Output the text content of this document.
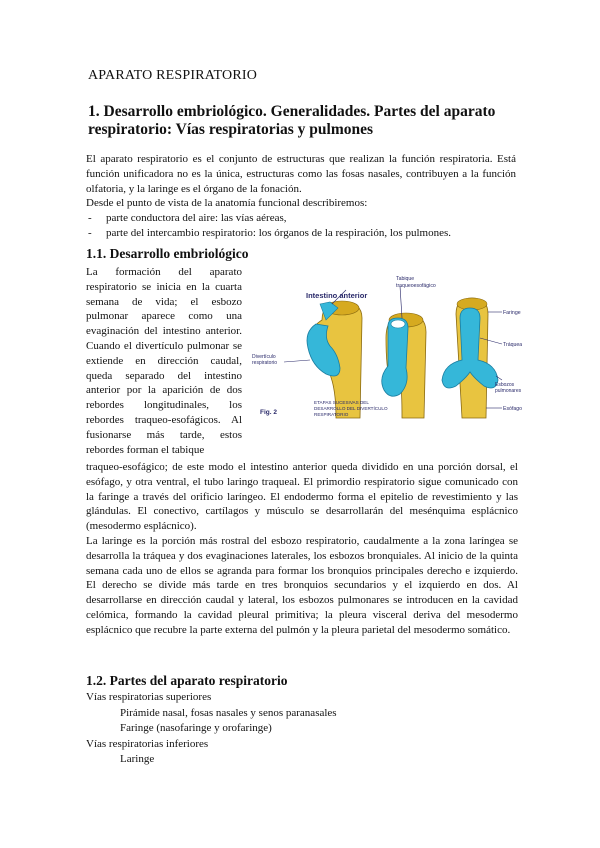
APARATO RESPIRATORIO
1. Desarrollo embriológico. Generalidades. Partes del aparato respiratorio: Vías respiratorias y pulmones
El aparato respiratorio es el conjunto de estructuras que realizan la función respiratoria. Está función unificadora no es la única, estructuras como las fosas nasales, contribuyen a la función olfatoria, y la laringe es el órgano de la fonación.
Desde el punto de vista de la anatomía funcional describiremos:
- parte conductora del aire: las vías aéreas,
- parte del intercambio respiratorio: los órganos de la respiración, los pulmones.
1.1. Desarrollo embriológico
La formación del aparato respiratorio se inicia en la cuarta semana de vida; el esbozo pulmonar aparece como una evaginación del intestino anterior. Cuando el divertículo pulmonar se extiende en dirección caudal, queda separado del intestino anterior por la aparición de dos rebordes longitudinales, los rebordes traqueo-esofágicos. Al fusionarse más tarde, estos rebordes forman el tabique
Intestino anterior
Tabique traqueoesofágico
Faringe
Tráquea
Esbozos pulmonares
Esófago
Divertículo respiratorio
ETAPAS SUCESIVAS DEL DESARROLLO DEL DIVERTÍCULO RESPIRATORIO
Fig. 2
traqueo-esofágico; de este modo el intestino anterior queda dividido en una porción dorsal, el esófago, y otra ventral, el tubo laringo traqueal. El primordio respiratorio sigue comunicado con la faringe a través del orificio laríngeo. El endodermo forma el epitelio de revestimiento y las glándulas. El conectivo, cartílagos y músculo se desarrollarán del mesénquima esplácnico (mesodermo esplácnico).
La laringe es la porción más rostral del esbozo respiratorio, caudalmente a la zona laríngea se desarrolla la tráquea y dos evaginaciones laterales, los esbozos bronquiales. Al inicio de la quinta semana cada uno de ellos se agranda para formar los bronquios principales derecho e izquierdo. El derecho se divide más tarde en tres bronquios secundarios y el izquierdo en dos. Al desarrollarse en dirección caudal y lateral, los esbozos pulmonares se introducen en la cavidad celómica, formando la cavidad pleural primitiva; la pleura visceral deriva del mesodermo esplácnico que recubre la parte externa del pulmón y la pleura parietal del mesodermo somático.
1.2. Partes del aparato respiratorio
Vías respiratorias superiores
Pirámide nasal, fosas nasales y senos paranasales
Faringe (nasofaringe y orofaringe)
Vías respiratorias inferiores
Laringe
